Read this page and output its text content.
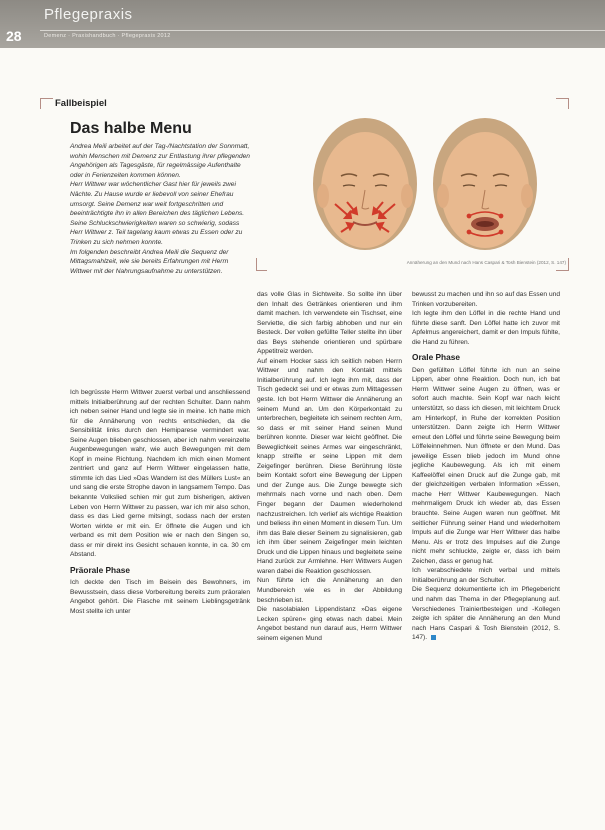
Pflegepraxis
28	Demenz · Praxishandbuch · Pflegepraxis 2012
Fallbeispiel
Das halbe Menu

Andrea Meili arbeitet auf der Tag-/Nachtstation der Sonnmatt, wohin Menschen mit Demenz zur Entlastung ihrer pflegenden Angehörigen als Tagesgäste, für regelmässige Aufenthalte oder in Ferienzeiten kommen können.

Herr Wittwer war wöchentlicher Gast hier für jeweils zwei Nächte. Zu Hause wurde er liebevoll von seiner Ehefrau umsorgt. Seine Demenz war weit fortgeschritten und beeinträchtigte ihn in allen Bereichen des täglichen Lebens. Seine Schluckschwierigkeiten waren so schwierig, sodass Herr Wittwer z. Teil tagelang kaum etwas zu Essen oder zu Trinken zu sich nehmen konnte.

Im folgenden beschreibt Andrea Meili die Sequenz der Mittagsmahlzeit, wie sie bereits Erfahrungen mit Herrn Wittwer mit der Nahrungsaufnahme zu unterstützen.

Annäherung an den Mund nach Hans Caspari & Tosh Bienstein (2012, S. 147)

Ich begrüsste Herrn Wittwer zuerst verbal und anschliessend mittels Initialberührung auf der rechten Schulter. Dann nahm ich neben seiner Hand und legte sie in meine. Ich hatte mich für die Annäherung von rechts entschieden, da die Sensibilität links durch den Hemiparese vermindert war. Seine Augen blieben geschlossen, aber ich nahm vereinzelte Augenbewegungen wahr, wie auch Bewegungen mit dem Kopf in meine Richtung. Nachdem ich mich einen Moment zentriert und ganz auf Herrn Wittwer eingelassen hatte, stimmte ich das Lied »Das Wandern ist des Müllers Lust« an und sang die erste Strophe davon in langsamem Tempo. Das bekannte Volkslied schien mir gut zum bisherigen, aktiven Leben von Herrn Wittwer zu passen, war ich mir also schon, dass es das Lied gerne mitsingt, sodass nach der ersten Worten wirkte er mit ein. Er öffnete die Augen und ich verband es mit dem Position wie er nach den Singen so, dass er mir direkt ins Gesicht schauen konnte, in ca. 30 cm Abstand.

Präorale Phase

Ich deckte den Tisch im Beisein des Bewohners, im Bewusstsein, dass diese Vorbereitung bereits zum präoralen Angebot gehört. Die Flasche mit seinem Lieblingsgetränk Most stellte ich unter

das volle Glas in Sichtweite. So sollte ihn über den Inhalt des Getränkes orientieren und ihm damit machen. Ich verwendete ein Tischset, eine Serviette, die sich farbig abhoben und nur ein Besteck. Der vollen gefüllte Teller stellte ihn über das Beys stehende orientieren und spürbare Appetitreiz werden.

Auf einem Hocker sass ich seitlich neben Herrn Wittwer und nahm den Kontakt mittels Initialberührung auf. Ich legte ihm mit, dass der Tisch gedeckt sei und er etwas zum Mittagessen geste. Ich bot Herrn Wittwer die Annäherung an seinem Mund an. Um den Körperkontakt zu unterbrechen, begleitete ich seinem rechten Arm, so dass er mit seiner Hand seinen Mund berühren konnte. Dieser war leicht geöffnet. Die Beweglichkeit seines Armes war eingeschränkt, knapp streifte er seine Lippen mit dem Zeigefinger berühren. Diese Berührung löste beim Kontakt sofort eine Bewegung der Lippen und der Zunge aus. Die Zunge bewegte sich mehrmals nach vorne und nach oben. Dem Finger begann der Daumen wiederholend nachzustreichen. Ich verlief als wichtige Reaktion und beliess ihn einen Moment in diesem Tun. Um ihm das Bale dieser Seinem zu signalisieren, gab ich ihm über seinem Zeigefinger mein leichten Druck und die Lippen hinaus und begleitete seine Hand zurück zur Armlehne. Herr Wittwers Augen waren dabei die Reaktion geschlossen.

Nun führte ich die Annäherung an den Mundbereich wie es in der Abbildung beschrieben ist.

Die nasolabialen Lippendistanz »Das eigene Lecken spüren« ging etwas nach dabei. Mein Angebot bestand nun darauf aus, Herrn Wittwer seinem eigenen Mund

bewusst zu machen und ihn so auf das Essen und Trinken vorzubereiten.

Ich legte ihm den Löffel in die rechte Hand und führte diese sanft. Den Löffel hatte ich zuvor mit Apfelmus angereichert, damit er den Impuls fühlte, die Hand zu führen.

Orale Phase

Den gefüllten Löffel führte ich nun an seine Lippen, aber ohne Reaktion. Doch nun, ich bat Herrn Wittwer seine Augen zu öffnen, was er sofort auch machte. Sein Kopf war nach leicht unterstützt, so dass ich diesen, mit leichtem Druck am Hinterkopf, in Ruhe der korrekten Position unterstützen. Dann zeigte ich Herrn Wittwer erneut den Löffel und führte seine Bewegung beim Löffeleinnehmen. Nun öffnete er den Mund. Das jeweilige Essen blieb jedoch im Mund ohne jegliche Kaubewegung. Als ich mit einem Kaffeelöffel einen Druck auf die Zunge gab, mit der gleichzeitigen verbalen Information »Essen, mache Herr Wittwer Kaubewegungen. Nach mehrmaligem Druck ich wieder ab, das Essen brauchte. Seine Augen waren nun geöffnet. Mit seitlicher Führung seiner Hand und wiederholtem Impuls auf die Zunge war Herr Wittwer das halbe Menu. Als er trotz des Impulses auf die Zunge nicht mehr schluckte, zeigte er, dass ich beim Zeichen, dass er genug hat.

Ich verabschiedete mich verbal und mittels Initialberührung an der Schulter.

Die Sequenz dokumentierte ich im Pflegebericht und nahm das Thema in der Pflegeplanung auf. Verschiedenes Trainiertbesteigen und -Kollegen zeigte ich später die Annäherung an den Mund nach Hans Caspari & Tosh Bienstein (2012, S. 147).
